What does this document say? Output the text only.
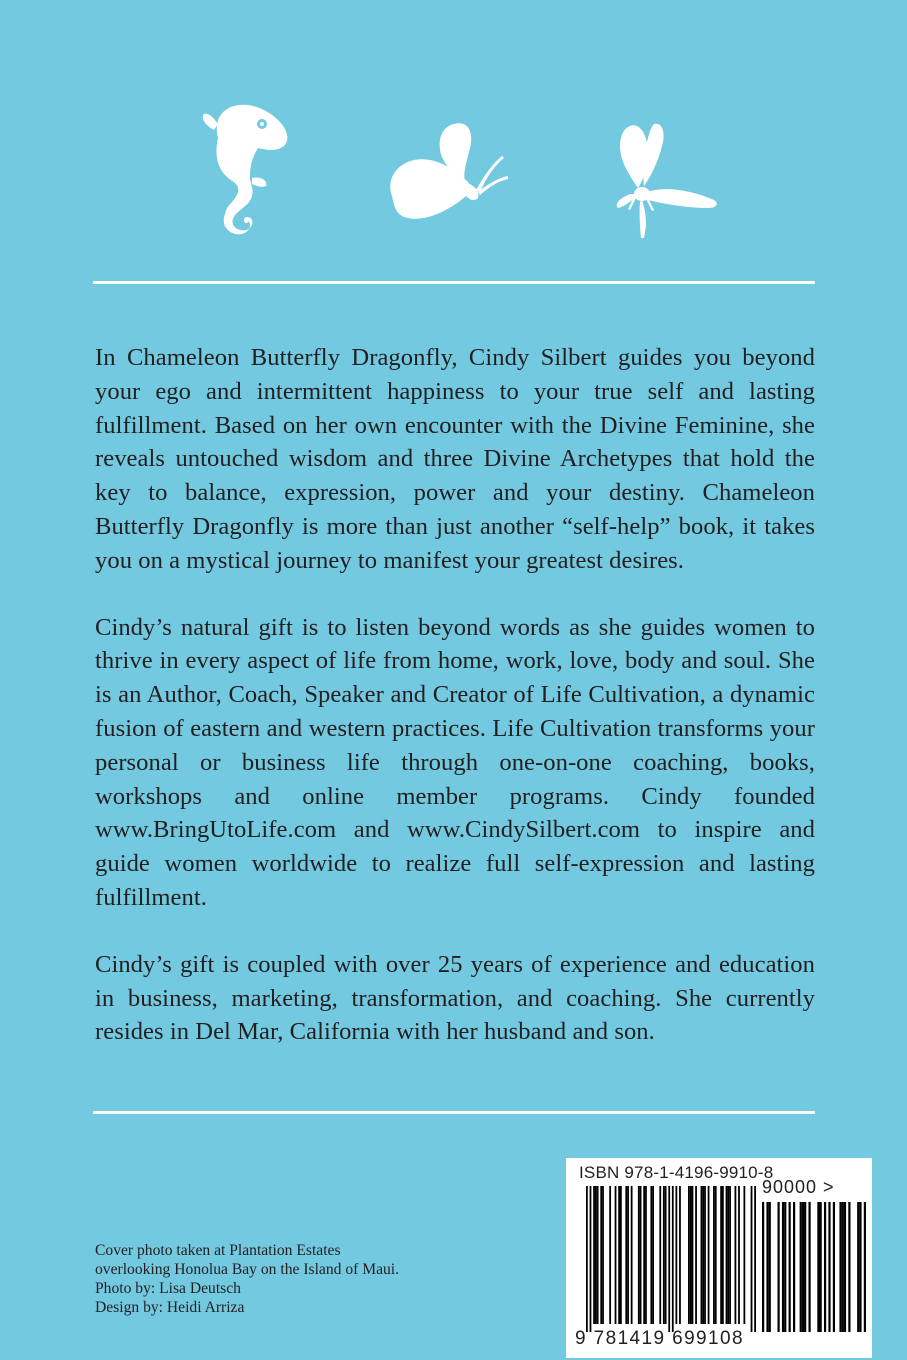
In Chameleon Butterfly Dragonfly, Cindy Silbert guides you beyond your ego and intermittent happiness to your true self and lasting fulfillment. Based on her own encounter with the Divine Feminine, she reveals untouched wisdom and three Divine Archetypes that hold the key to balance, expression, power and your destiny. Chameleon Butterfly Dragonfly is more than just another “self-help” book, it takes you on a mystical journey to manifest your greatest desires.

Cindy’s natural gift is to listen beyond words as she guides women to thrive in every aspect of life from home, work, love, body and soul. She is an Author, Coach, Speaker and Creator of Life Cultivation, a dynamic fusion of eastern and western practices. Life Cultivation transforms your personal or business life through one-on-one coaching, books, workshops and online member programs. Cindy founded www.BringUtoLife.com and www.CindySilbert.com to inspire and guide women worldwide to realize full self-expression and lasting fulfillment.

Cindy’s gift is coupled with over 25 years of experience and education in business, marketing, transformation, and coaching. She currently resides in Del Mar, California with her husband and son.

Cover photo taken at Plantation Estates
overlooking Honolua Bay on the Island of Maui.
Photo by: Lisa Deutsch
Design by: Heidi Arriza
ISBN 978-1-4196-9910-8
90000 >
9 781419 699108
